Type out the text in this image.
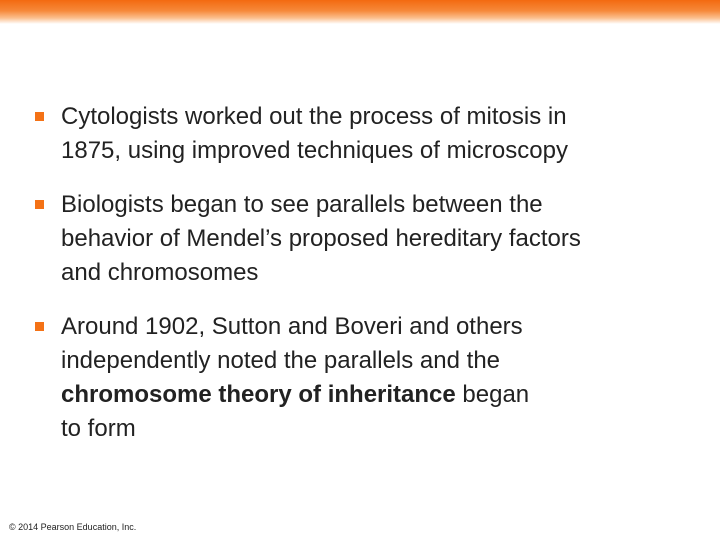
Cytologists worked out the process of mitosis in
1875, using improved techniques of microscopy
Biologists began to see parallels between the
behavior of Mendel’s proposed hereditary factors
and chromosomes
Around 1902, Sutton and Boveri and others
independently noted the parallels and the
chromosome theory of inheritance began
to form
© 2014 Pearson Education, Inc.
